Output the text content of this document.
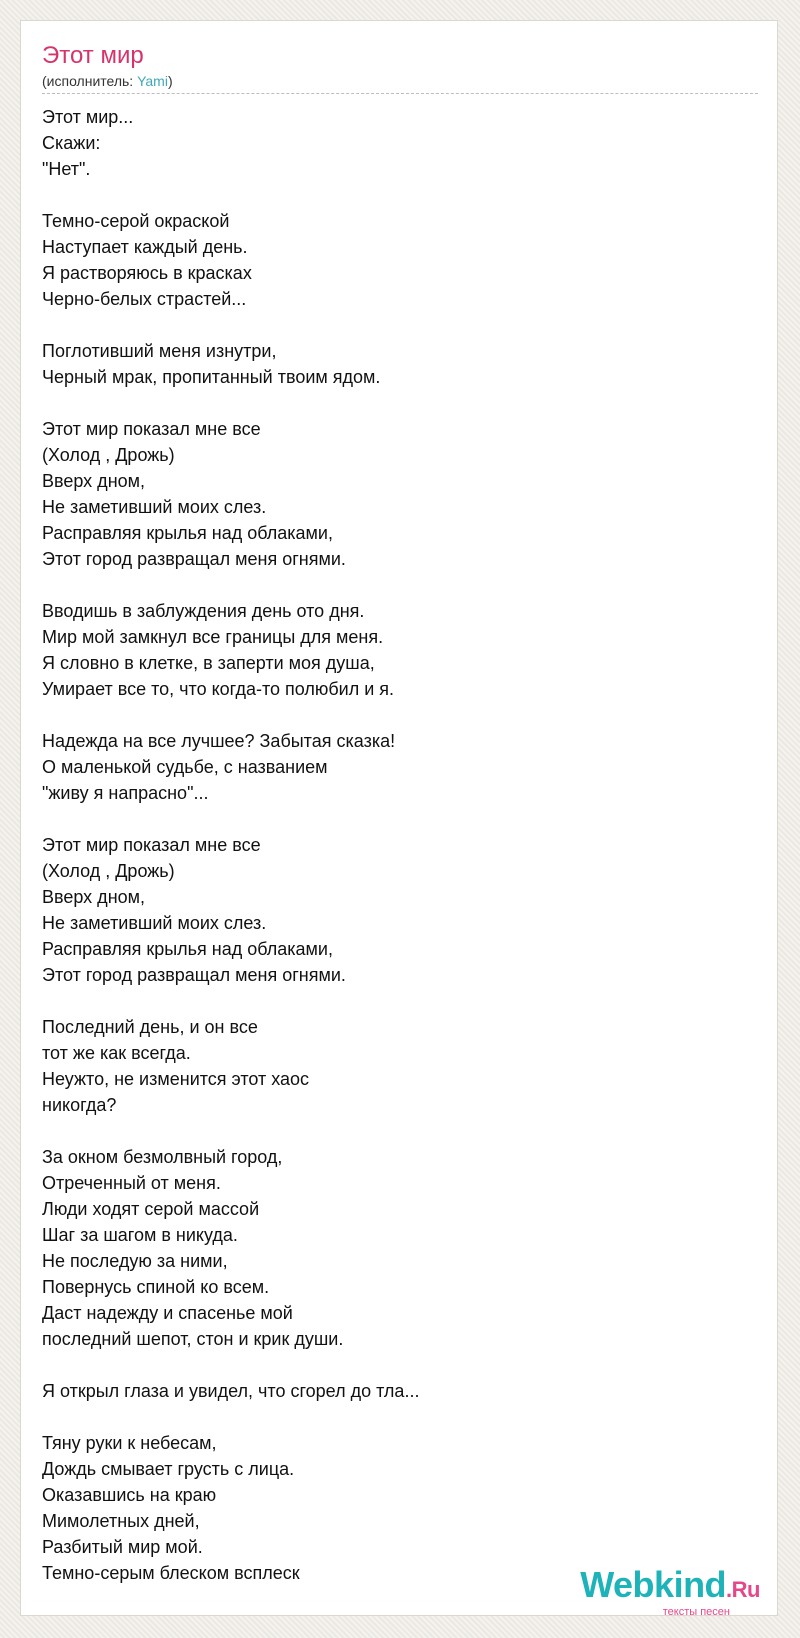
Этот мир
(исполнитель: Yami)
Этот мир...
Скажи:
"Нет".
Темно-серой окраской
Наступает каждый день.
Я растворяюсь в красках
Черно-белых страстей...
Поглотивший меня изнутри,
Черный мрак, пропитанный твоим ядом.
Этот мир показал мне все
(Холод , Дрожь)
Вверх дном,
Не заметивший моих слез.
Расправляя крылья над облаками,
Этот город развращал меня огнями.
Вводишь в заблуждения день ото дня.
Мир мой замкнул все границы для меня.
Я словно в клетке, в заперти моя душа,
Умирает все то, что когда-то полюбил и я.
Надежда на все лучшее? Забытая сказка!
О маленькой судьбе, с названием
"живу я напрасно"...
Этот мир показал мне все
(Холод , Дрожь)
Вверх дном,
Не заметивший моих слез.
Расправляя крылья над облаками,
Этот город развращал меня огнями.
Последний день, и он все
тот же как всегда.
Неужто, не изменится этот хаос
никогда?
За окном безмолвный город,
Отреченный от меня.
Люди ходят серой массой
Шаг за шагом в никуда.
Не последую за ними,
Повернусь спиной ко всем.
Даст надежду и спасенье мой
последний шепот, стон и крик души.
Я открыл глаза и увидел, что сгорел до тла...
Тяну руки к небесам,
Дождь смывает грусть с лица.
Оказавшись на краю
Мимолетных дней,
Разбитый мир мой.
Темно-серым блеском всплеск	Webkind.Ru
тексты песен
